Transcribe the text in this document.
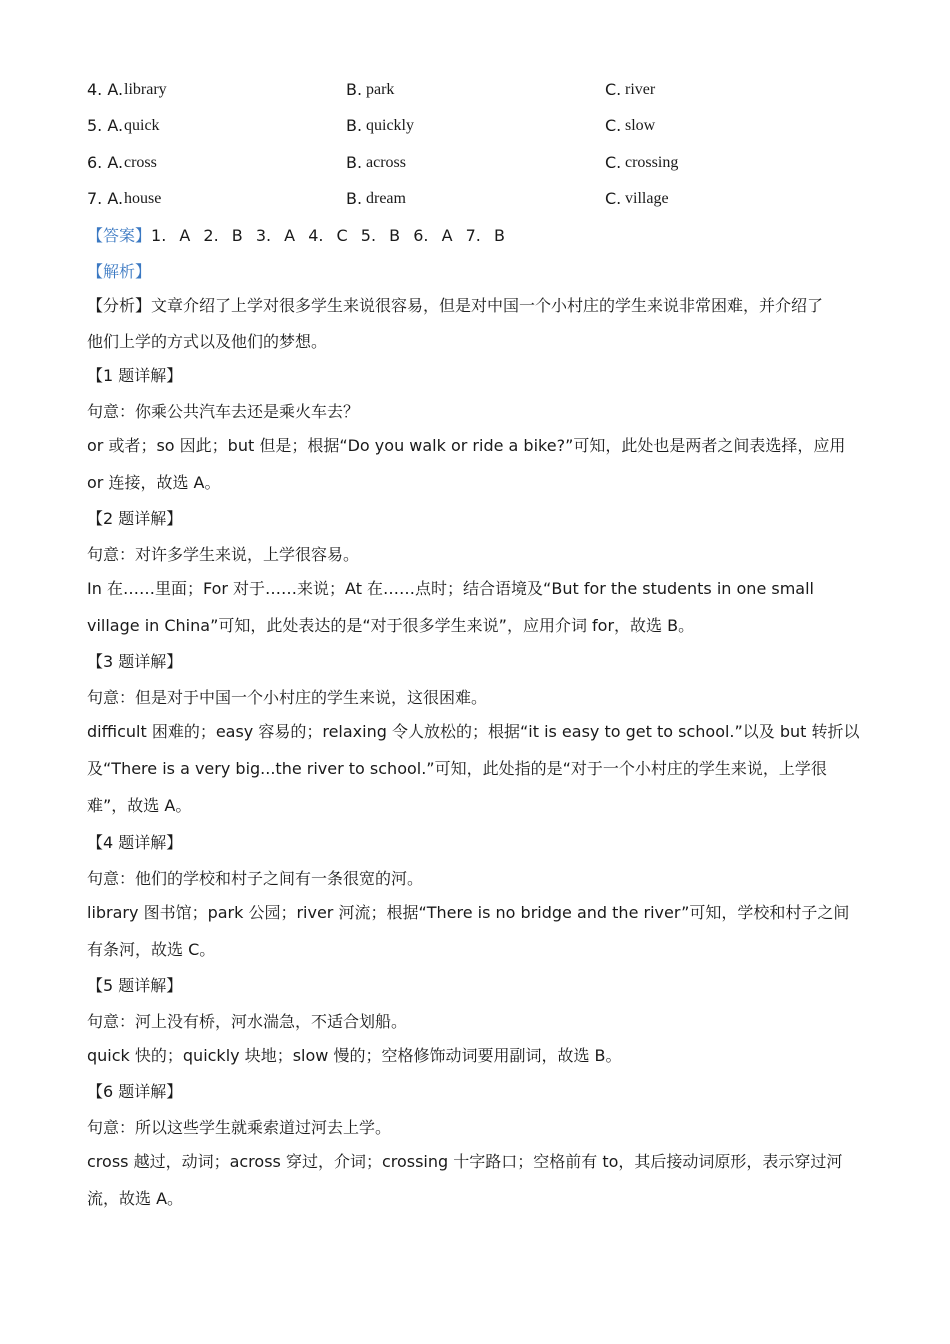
4. A. library	B. park	C. river
5. A. quick	B. quickly	C. slow
6. A. cross	B. across	C. crossing
7. A. house	B. dream	C. village
【答案】1. A 2. B 3. A 4. C 5. B 6. A 7. B
【解析】
【分析】文章介绍了上学对很多学生来说很容易，但是对中国一个小村庄的学生来说非常困难，并介绍了
他们上学的方式以及他们的梦想。
【1 题详解】
句意：你乘公共汽车去还是乘火车去？
or 或者；so 因此；but 但是；根据“Do you walk or ride a bike?”可知，此处也是两者之间表选择，应用
or 连接，故选 A。
【2 题详解】
句意：对许多学生来说，上学很容易。
In 在……里面；For 对于……来说；At 在……点时；结合语境及“But for the students in one small
village in China”可知，此处表达的是“对于很多学生来说”，应用介词 for，故选 B。
【3 题详解】
句意：但是对于中国一个小村庄的学生来说，这很困难。
difficult 困难的；easy 容易的；relaxing 令人放松的；根据“it is easy to get to school.”以及 but 转折以
及“There is a very big...the river to school.”可知，此处指的是“对于一个小村庄的学生来说，上学很
难”，故选 A。
【4 题详解】
句意：他们的学校和村子之间有一条很宽的河。
library 图书馆；park 公园；river 河流；根据“There is no bridge and the river”可知，学校和村子之间
有条河，故选 C。
【5 题详解】
句意：河上没有桥，河水湍急，不适合划船。
quick 快的；quickly 块地；slow 慢的；空格修饰动词要用副词，故选 B。
【6 题详解】
句意：所以这些学生就乘索道过河去上学。
cross 越过，动词；across 穿过，介词；crossing 十字路口；空格前有 to，其后接动词原形，表示穿过河
流，故选 A。
